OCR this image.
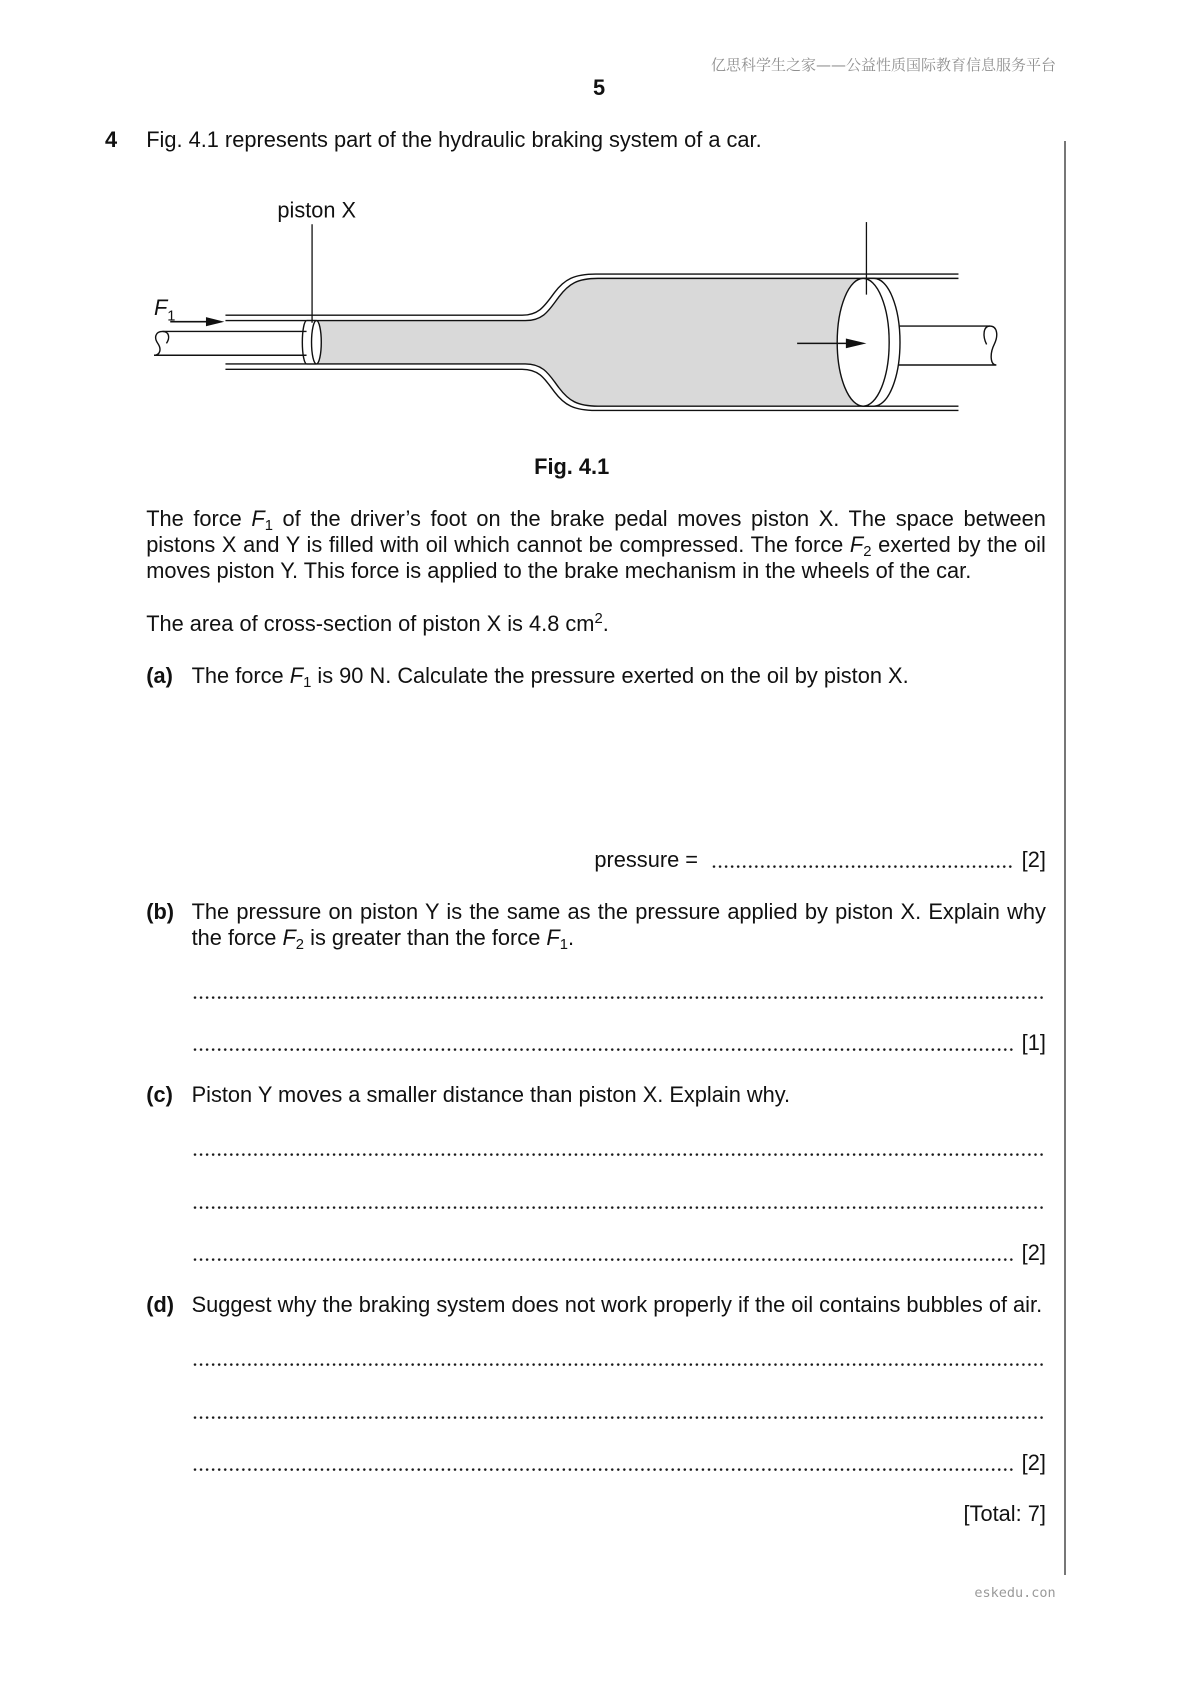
亿思科学生之家——公益性质国际教育信息服务平台
5
4 Fig. 4.1 represents part of the hydraulic braking system of a car.
piston X
$F_1$
Fig. 4.1
The force $F_1$ of the driver’s foot on the brake pedal moves piston X. The space between
pistons X and Y is filled with oil which cannot be compressed. The force $F_2$ exerted by the oil
moves piston Y. This force is applied to the brake mechanism in the wheels of the car.
The area of cross-section of piston X is 4.8 $cm^2$.
(a) The force $F_1$ is 90 N. Calculate the pressure exerted on the oil by piston X.
pressure =	[2]
(b) The pressure on piston Y is the same as the pressure applied by piston X. Explain why
the force $F_2$ is greater than the force $F_1$.
[1]
(c) Piston Y moves a smaller distance than piston X. Explain why.
[2]
(d) Suggest why the braking system does not work properly if the oil contains bubbles of air.
[2]
[Total: 7]
eskedu.con
